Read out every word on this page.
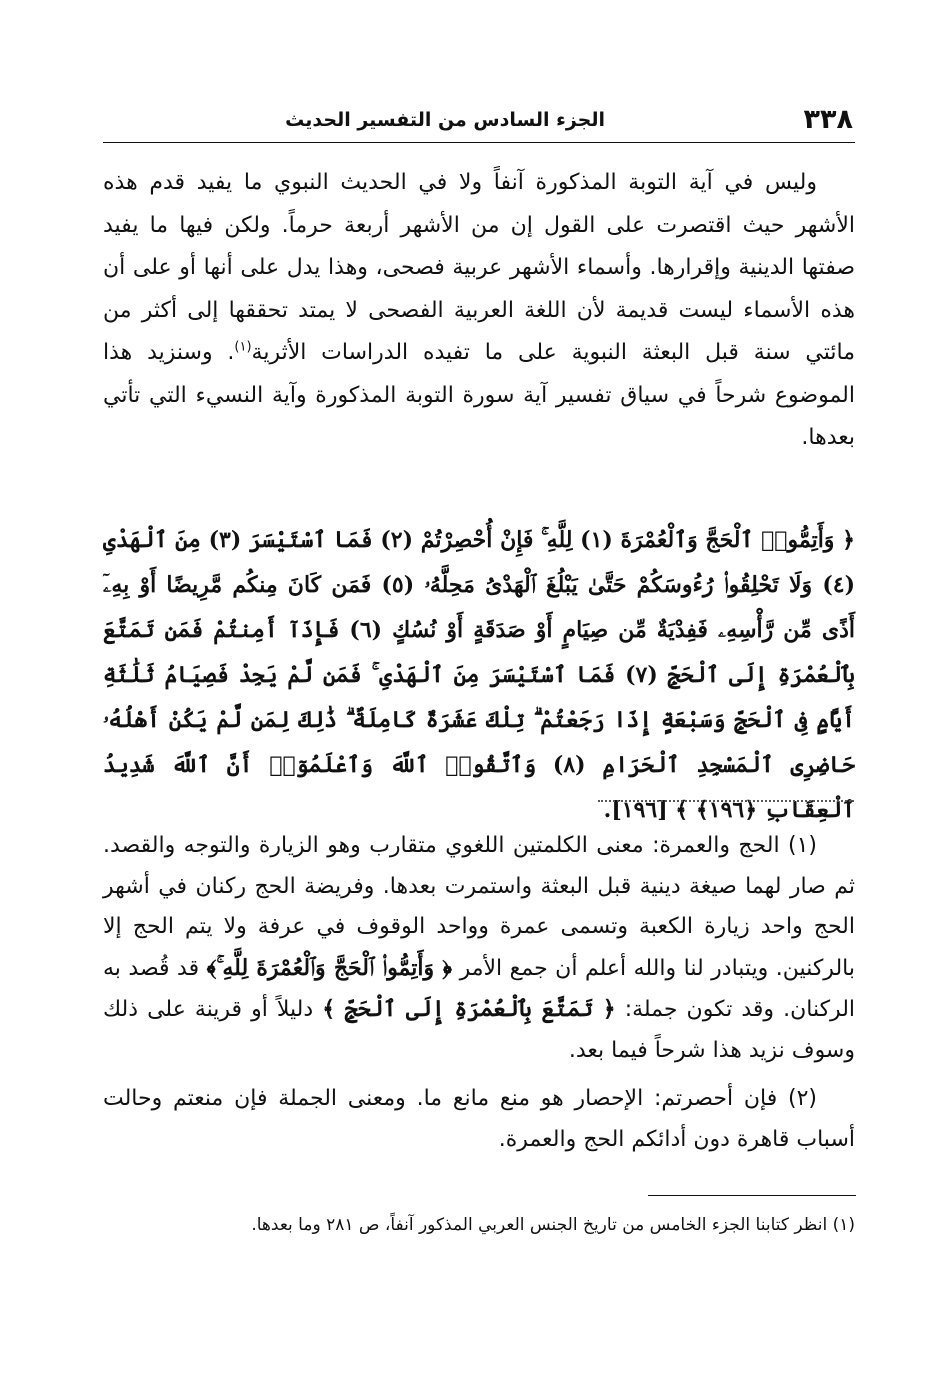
٣٣٨
الجزء السادس من التفسير الحديث

وليس في آية التوبة المذكورة آنفاً ولا في الحديث النبوي ما يفيد قدم هذه الأشهر حيث اقتصرت على القول إن من الأشهر أربعة حرماً. ولكن فيها ما يفيد صفتها الدينية وإقرارها. وأسماء الأشهر عربية فصحى، وهذا يدل على أنها أو على أن هذه الأسماء ليست قديمة لأن اللغة العربية الفصحى لا يمتد تحققها إلى أكثر من مائتي سنة قبل البعثة النبوية على ما تفيده الدراسات الأثرية$^{(١)}$. وسنزيد هذا الموضوع شرحاً في سياق تفسير آية سورة التوبة المذكورة وآية النسيء التي تأتي بعدها.

﴿ وَأَتِمُّوا۟ ٱلْحَجَّ وَٱلْعُمْرَةَ (١) لِلَّهِ ۚ فَإِنْ أُحْصِرْتُمْ (٢) فَمَا ٱسْتَيْسَرَ (٣) مِنَ ٱلْهَدْىِ (٤) وَلَا تَحْلِقُوا۟ رُءُوسَكُمْ حَتَّىٰ يَبْلُغَ ٱلْهَدْىُ مَحِلَّهُۥ (٥) فَمَن كَانَ مِنكُم مَّرِيضًا أَوْ بِهِۦٓ أَذًى مِّن رَّأْسِهِۦ فَفِدْيَةٌ مِّن صِيَامٍ أَوْ صَدَقَةٍ أَوْ نُسُكٍ (٦) فَإِذَآ أَمِنتُمْ فَمَن تَمَتَّعَ بِٱلْعُمْرَةِ إِلَى ٱلْحَجِّ (٧) فَمَا ٱسْتَيْسَرَ مِنَ ٱلْهَدْىِ ۚ فَمَن لَّمْ يَجِدْ فَصِيَامُ ثَلَٰثَةِ أَيَّامٍ فِى ٱلْحَجِّ وَسَبْعَةٍ إِذَا رَجَعْتُمْ ۗ تِلْكَ عَشَرَةٌ كَامِلَةٌ ۗ ذَٰلِكَ لِمَن لَّمْ يَكُنْ أَهْلُهُۥ حَاضِرِى ٱلْمَسْجِدِ ٱلْحَرَامِ (٨) وَٱتَّقُوا۟ ٱللَّهَ وَٱعْلَمُوٓا۟ أَنَّ ٱللَّهَ شَدِيدُ ٱلْعِقَابِ ﴿١٩٦﴾ ﴾ [١٩٦].

(١) الحج والعمرة: معنى الكلمتين اللغوي متقارب وهو الزيارة والتوجه والقصد. ثم صار لهما صيغة دينية قبل البعثة واستمرت بعدها. وفريضة الحج ركنان في أشهر الحج واحد زيارة الكعبة وتسمى عمرة وواحد الوقوف في عرفة ولا يتم الحج إلا بالركنين. ويتبادر لنا والله أعلم أن جمع الأمر ﴿ وَأَتِمُّوا۟ ٱلْحَجَّ وَٱلْعُمْرَةَ لِلَّهِ ۚ﴾ قد قُصد به الركنان. وقد تكون جملة: ﴿ تَمَتَّعَ بِٱلْعُمْرَةِ إِلَى ٱلْحَجِّ ﴾ دليلاً أو قرينة على ذلك وسوف نزيد هذا شرحاً فيما بعد.

(٢) فإن أحصرتم: الإحصار هو منع مانع ما. ومعنى الجملة فإن منعتم وحالت أسباب قاهرة دون أدائكم الحج والعمرة.

(١) انظر كتابنا الجزء الخامس من تاريخ الجنس العربي المذكور آنفاً، ص ٢٨١ وما بعدها.
